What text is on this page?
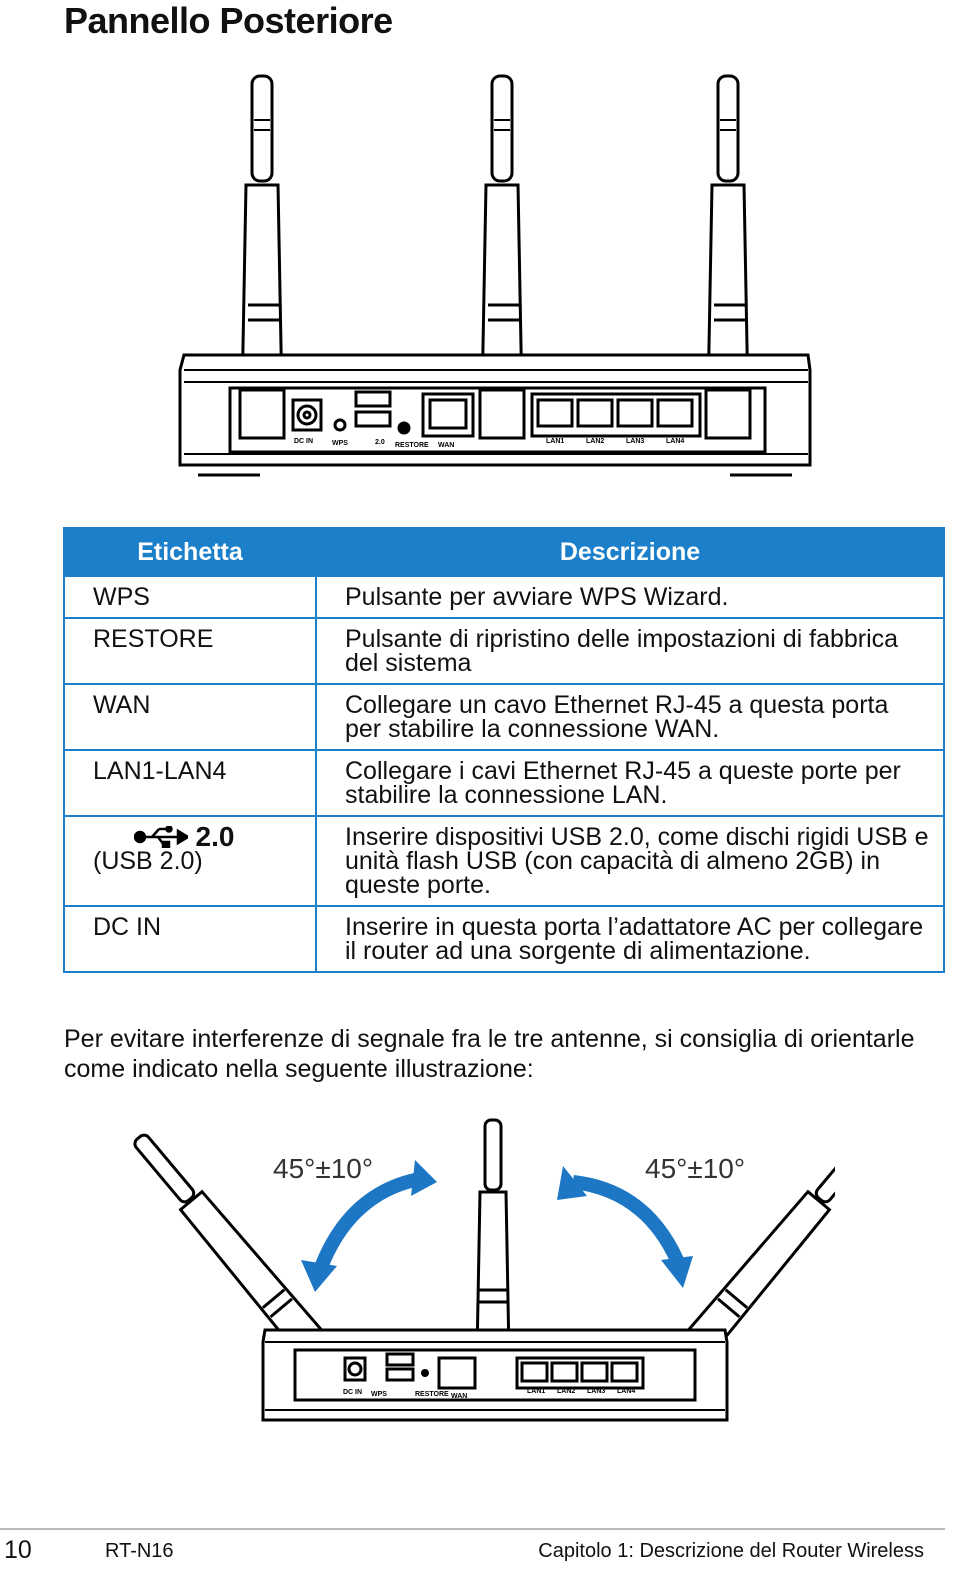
Pannello Posteriore
DC IN	WPS	2.0 RESTORE WAN
LAN1	LAN2	LAN3	LAN4
Etichetta	Descrizione
WPS	Pulsante per avviare WPS Wizard.
RESTORE	Pulsante di ripristino delle impostazioni di fabbrica del sistema
WAN	Collegare un cavo Ethernet RJ-45 a questa porta per stabilire la connessione WAN.
LAN1-LAN4	Collegare i cavi Ethernet RJ-45 a queste porte per stabilire la connessione LAN.

2.0
(USB 2.0)	Inserire dispositivi USB 2.0, come dischi rigidi USB e unità flash USB (con capacità di almeno 2GB) in queste porte.
DC IN	Inserire in questa porta l’adattatore AC per collegare il router ad una sorgente di alimentazione.
Per evitare interferenze di segnale fra le tre antenne, si consiglia di orientarle come indicato nella seguente illustrazione:
45°±10°	45°±10°
DC IN WPS	RESTORE WAN
LAN1 LAN2 LAN3 LAN4
10	RT-N16	Capitolo 1: Descrizione del Router Wireless
